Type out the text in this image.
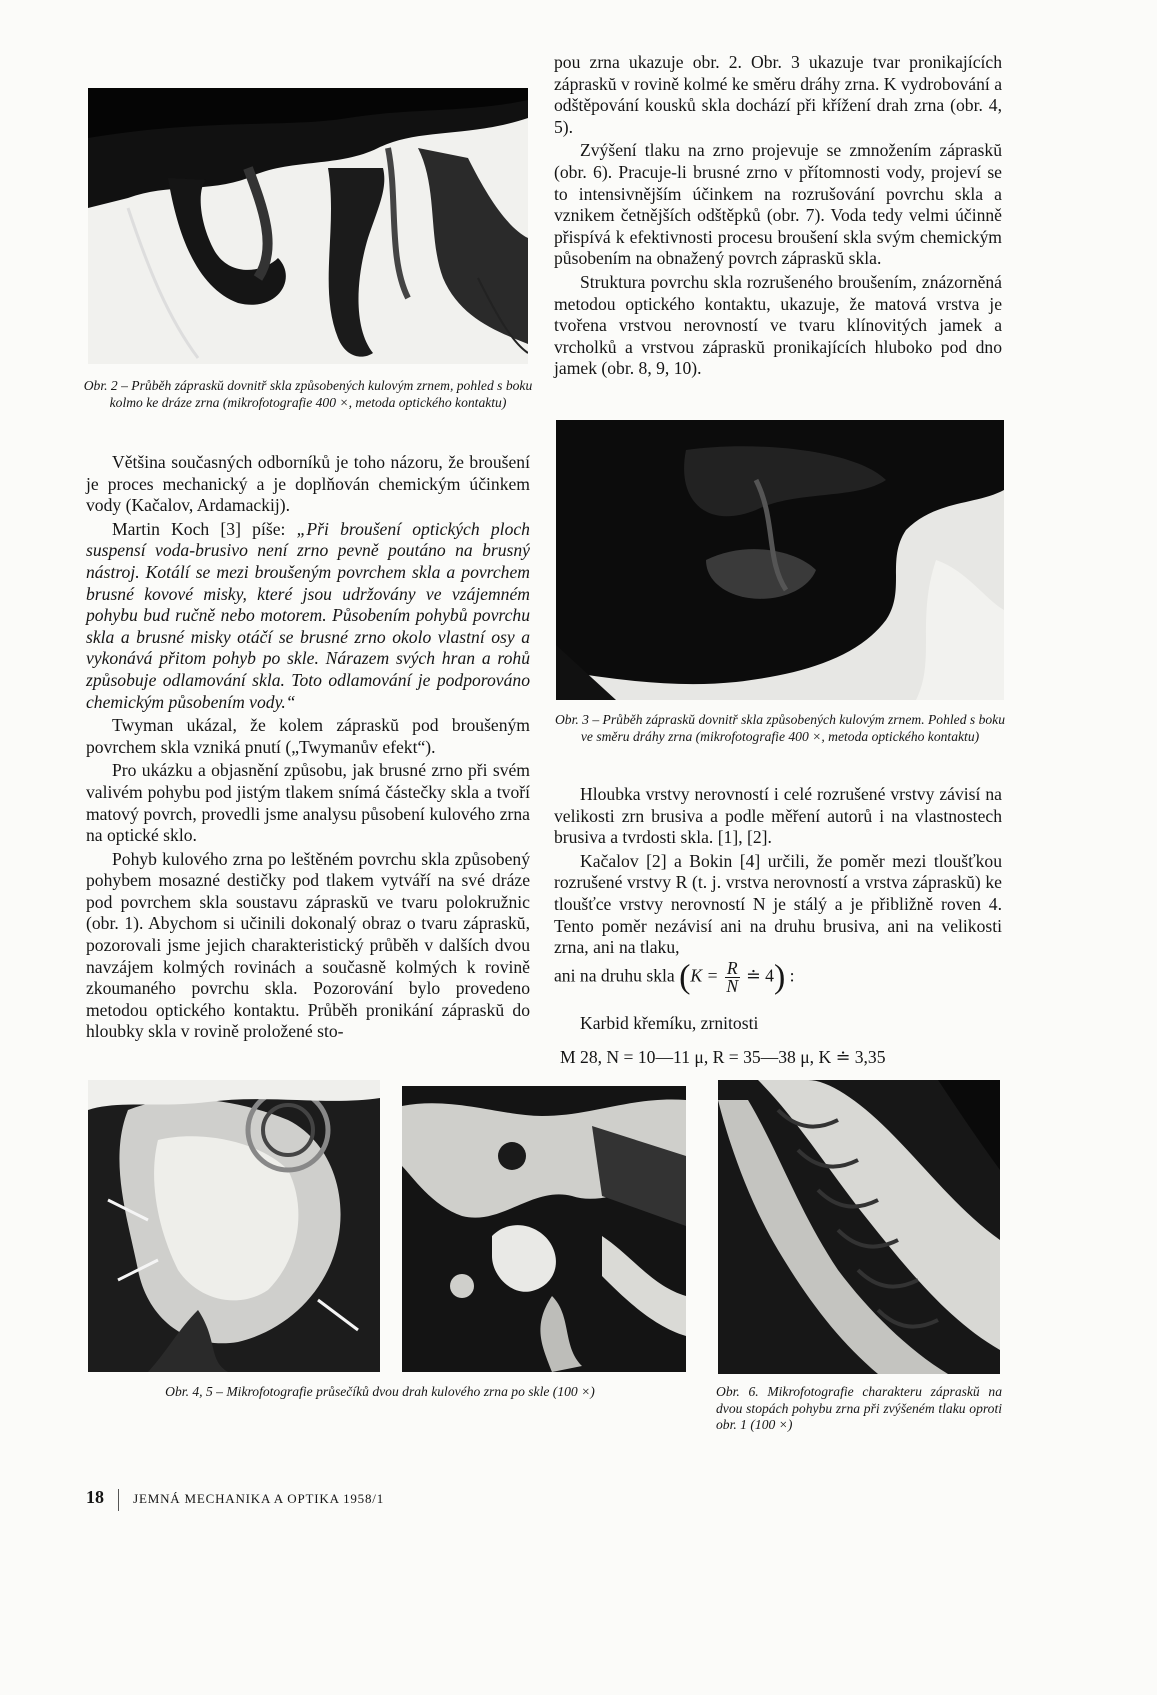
Obr. 2 – Průběh zápraskŭ dovnitř skla způsobených kulovým zrnem, pohled s boku kolmo ke dráze zrna (mikrofotografie 400 ×, metoda optického kontaktu)

Většina současných odborníků je toho názoru, že broušení je proces mechanický a je doplňován chemickým účinkem vody (Kačalov, Ardamackij).

Martin Koch [3] píše: „Při broušení optických ploch suspensí voda-brusivo není zrno pevně poutáno na brusný nástroj. Kotálí se mezi broušeným povrchem skla a povrchem brusné kovové misky, které jsou udržovány ve vzájemném pohybu bud ručně nebo motorem. Působením pohybů povrchu skla a brusné misky otáčí se brusné zrno okolo vlastní osy a vykonává přitom pohyb po skle. Nárazem svých hran a rohů způsobuje odlamování skla. Toto odlamování je podporováno chemickým působením vody.“

Twyman ukázal, že kolem zápraskŭ pod broušeným povrchem skla vzniká pnutí („Twymanův efekt“).

Pro ukázku a objasnění způsobu, jak brusné zrno při svém valivém pohybu pod jistým tlakem snímá částečky skla a tvoří matový povrch, provedli jsme analysu působení kulového zrna na optické sklo.

Pohyb kulového zrna po leštěném povrchu skla způsobený pohybem mosazné destičky pod tlakem vytváří na své dráze pod povrchem skla soustavu zápraskŭ ve tvaru polokružnic (obr. 1). Abychom si učinili dokonalý obraz o tvaru zápraskŭ, pozorovali jsme jejich charakteristický průběh v dalších dvou navzájem kolmých rovinách a současně kolmých k rovině zkoumaného povrchu skla. Pozorování bylo provedeno metodou optického kontaktu. Průběh pronikání zápraskŭ do hloubky skla v rovině proložené sto-

pou zrna ukazuje obr. 2. Obr. 3 ukazuje tvar pronikajících zápraskŭ v rovině kolmé ke směru dráhy zrna. K vydrobování a odštěpování kousků skla dochází při křížení drah zrna (obr. 4, 5).

Zvýšení tlaku na zrno projevuje se zmnožením zápraskŭ (obr. 6). Pracuje-li brusné zrno v přítomnosti vody, projeví se to intensivnějším účinkem na rozrušování povrchu skla a vznikem četnějších odštěpků (obr. 7). Voda tedy velmi účinně přispívá k efektivnosti procesu broušení skla svým chemickým působením na obnažený povrch zápraskŭ skla.

Struktura povrchu skla rozrušeného broušením, znázorněná metodou optického kontaktu, ukazuje, že matová vrstva je tvořena vrstvou nerovností ve tvaru klínovitých jamek a vrcholků a vrstvou zápraskŭ pronikajících hluboko pod dno jamek (obr. 8, 9, 10).

Obr. 3 – Průběh zápraskŭ dovnitř skla způsobených kulovým zrnem. Pohled s boku ve směru dráhy zrna (mikrofotografie 400 ×, metoda optického kontaktu)

Hloubka vrstvy nerovností i celé rozrušené vrstvy závisí na velikosti zrn brusiva a podle měření autorů i na vlastnostech brusiva a tvrdosti skla. [1], [2].

Kačalov [2] a Bokin [4] určili, že poměr mezi tloušťkou rozrušené vrstvy R (t. j. vrstva nerovností a vrstva zápraskŭ) ke tloušťce vrstvy nerovností N je stálý a je přibližně roven 4. Tento poměr nezávisí ani na druhu brusiva, ani na velikosti zrna, ani na tlaku,

ani na druhu skla ($K = \frac{R}{N}$ ≐ 4) :

Karbid křemíku, zrnitosti

M 28, N = 10—11 μ, R = 35—38 μ, K ≐ 3,35

Obr. 4, 5 – Mikrofotografie průsečíků dvou drah kulového zrna po skle (100 ×)	Obr. 6. Mikrofotografie charakteru zápraskŭ na dvou stopách pohybu zrna při zvýšeném tlaku oproti obr. 1 (100 ×)

18 JEMNÁ MECHANIKA A OPTIKA 1958/1
